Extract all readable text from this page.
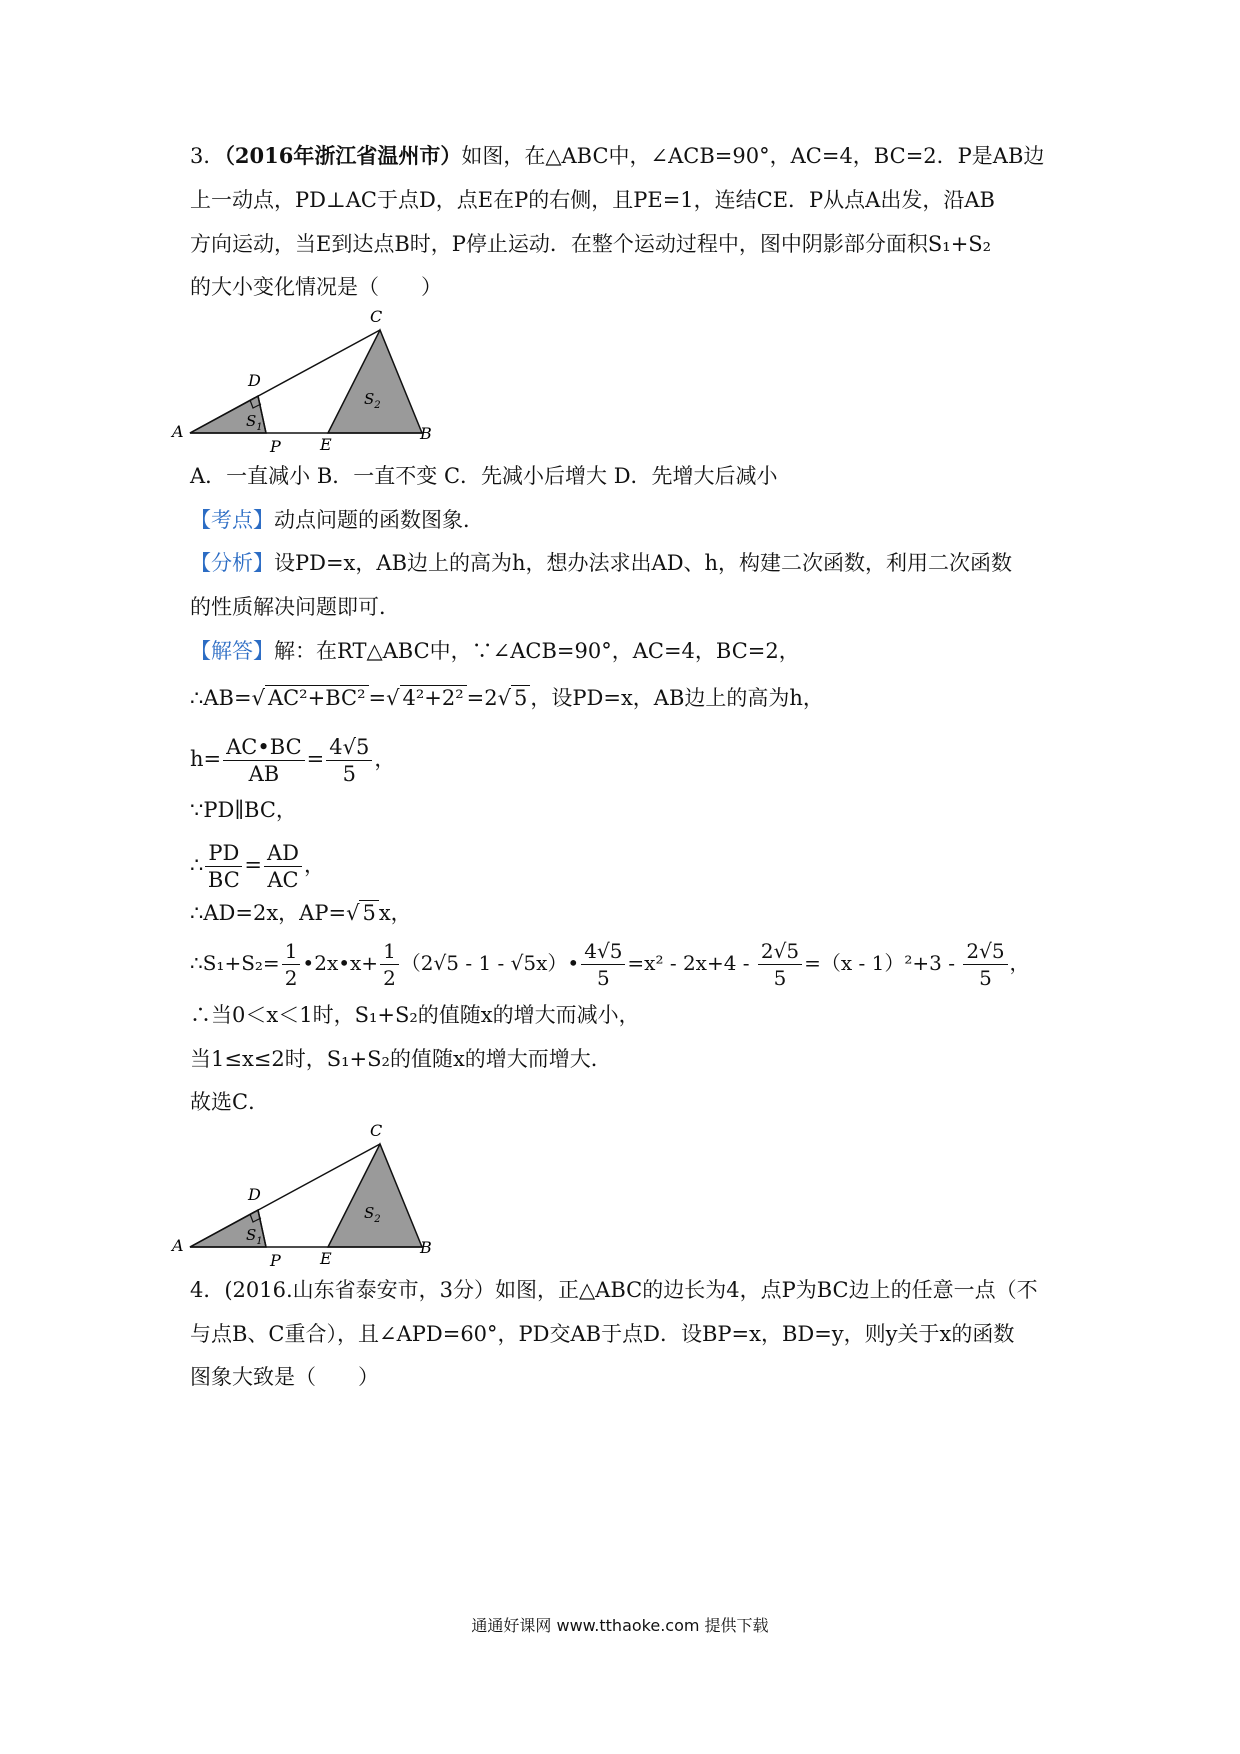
3．（2016年浙江省温州市）如图，在△ABC中，∠ACB=90°，AC=4，BC=2．P是AB边
上一动点，PD⊥AC于点D，点E在P的右侧，且PE=1，连结CE．P从点A出发，沿AB
方向运动，当E到达点B时，P停止运动．在整个运动过程中，图中阴影部分面积S₁+S₂
的大小变化情况是（　　）
A	B
C
D
P E
$S_1$
$S_2$
A．一直减小 B．一直不变 C．先减小后增大 D．先增大后减小
【考点】动点问题的函数图象．
【分析】设PD=x，AB边上的高为h，想办法求出AD、h，构建二次函数，利用二次函数
的性质解决问题即可．
【解答】解：在RT△ABC中，∵∠ACB=90°，AC=4，BC=2，
∴AB=√ AC²+BC² =√ 4²+2² =2√ 5 ，设PD=x，AB边上的高为h，
$h= \frac{AC•BC}{AB} = \frac{4√5}{5}$ ，
∵PD∥BC，
∴ $\frac{PD}{BC} = \frac{AD}{AC}$ ，
∴AD=2x，AP=√ 5 x，
∴S₁+S₂= $\frac{1}{2}$ •2x•x+ $\frac{1}{2} (2√5 - 1$ - √5x）• $\frac{4√5}{5} =x^2 - 2x+4 - \frac{2√5}{5} =(x - 1)^2+3 - \frac{2√5}{5}$ ，
∴当0＜x＜1时，S₁+S₂的值随x的增大而减小，
当1≤x≤2时，S₁+S₂的值随x的增大而增大．
故选C．
A	B
C
D
P E
$S_1$
$S_2$
4．(2016.山东省泰安市，3分）如图，正△ABC的边长为4，点P为BC边上的任意一点（不
与点B、C重合），且∠APD=60°，PD交AB于点D．设BP=x，BD=y，则y关于x的函数
图象大致是（　　）
通通好课网 www.tthaoke.com 提供下载
